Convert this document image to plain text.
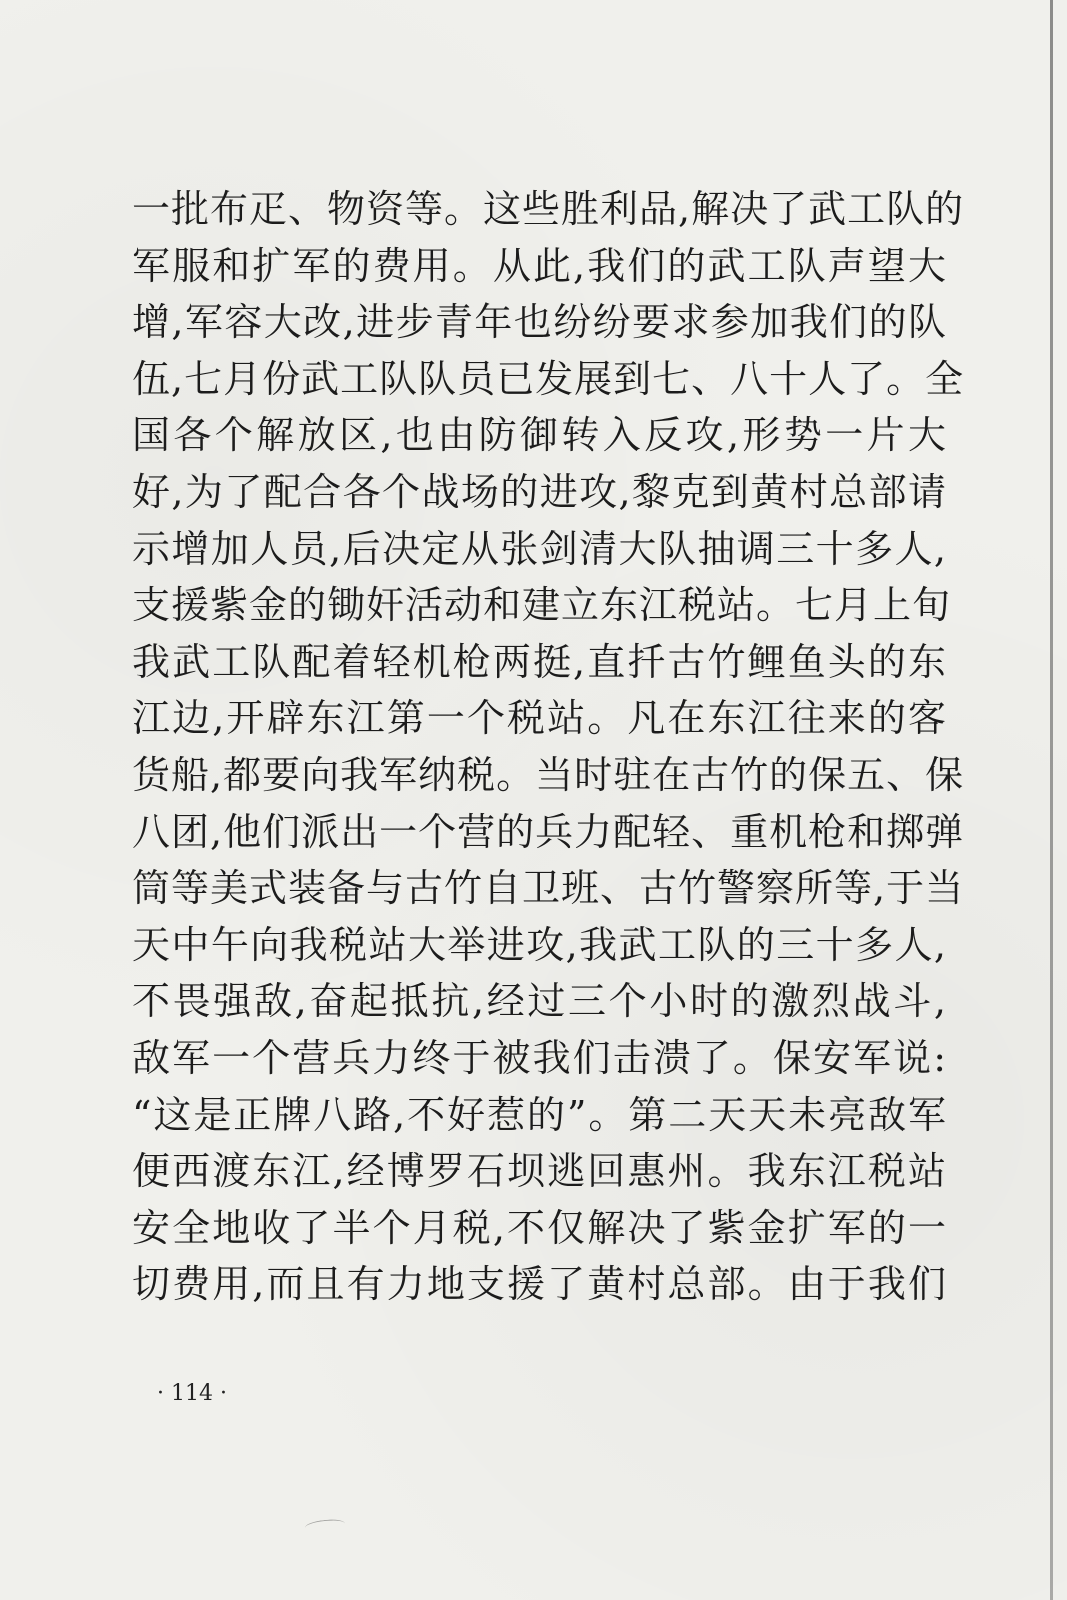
一批布疋、物资等。这些胜利品,解决了武工队的
军服和扩军的费用。从此,我们的武工队声望大
增,军容大改,进步青年也纷纷要求参加我们的队
伍,七月份武工队队员已发展到七、八十人了。全
国各个解放区,也由防御转入反攻,形势一片大
好,为了配合各个战场的进攻,黎克到黄村总部请
示增加人员,后决定从张剑清大队抽调三十多人,
支援紫金的锄奸活动和建立东江税站。七月上旬
我武工队配着轻机枪两挺,直扦古竹鲤鱼头的东
江边,开辟东江第一个税站。凡在东江往来的客
货船,都要向我军纳税。当时驻在古竹的保五、保
八团,他们派出一个营的兵力配轻、重机枪和掷弹
筒等美式装备与古竹自卫班、古竹警察所等,于当
天中午向我税站大举进攻,我武工队的三十多人,
不畏强敌,奋起抵抗,经过三个小时的激烈战斗,
敌军一个营兵力终于被我们击溃了。保安军说:
“这是正牌八路,不好惹的”。第二天天未亮敌军
便西渡东江,经博罗石坝逃回惠州。我东江税站
安全地收了半个月税,不仅解决了紫金扩军的一
切费用,而且有力地支援了黄村总部。由于我们
· 114 ·
